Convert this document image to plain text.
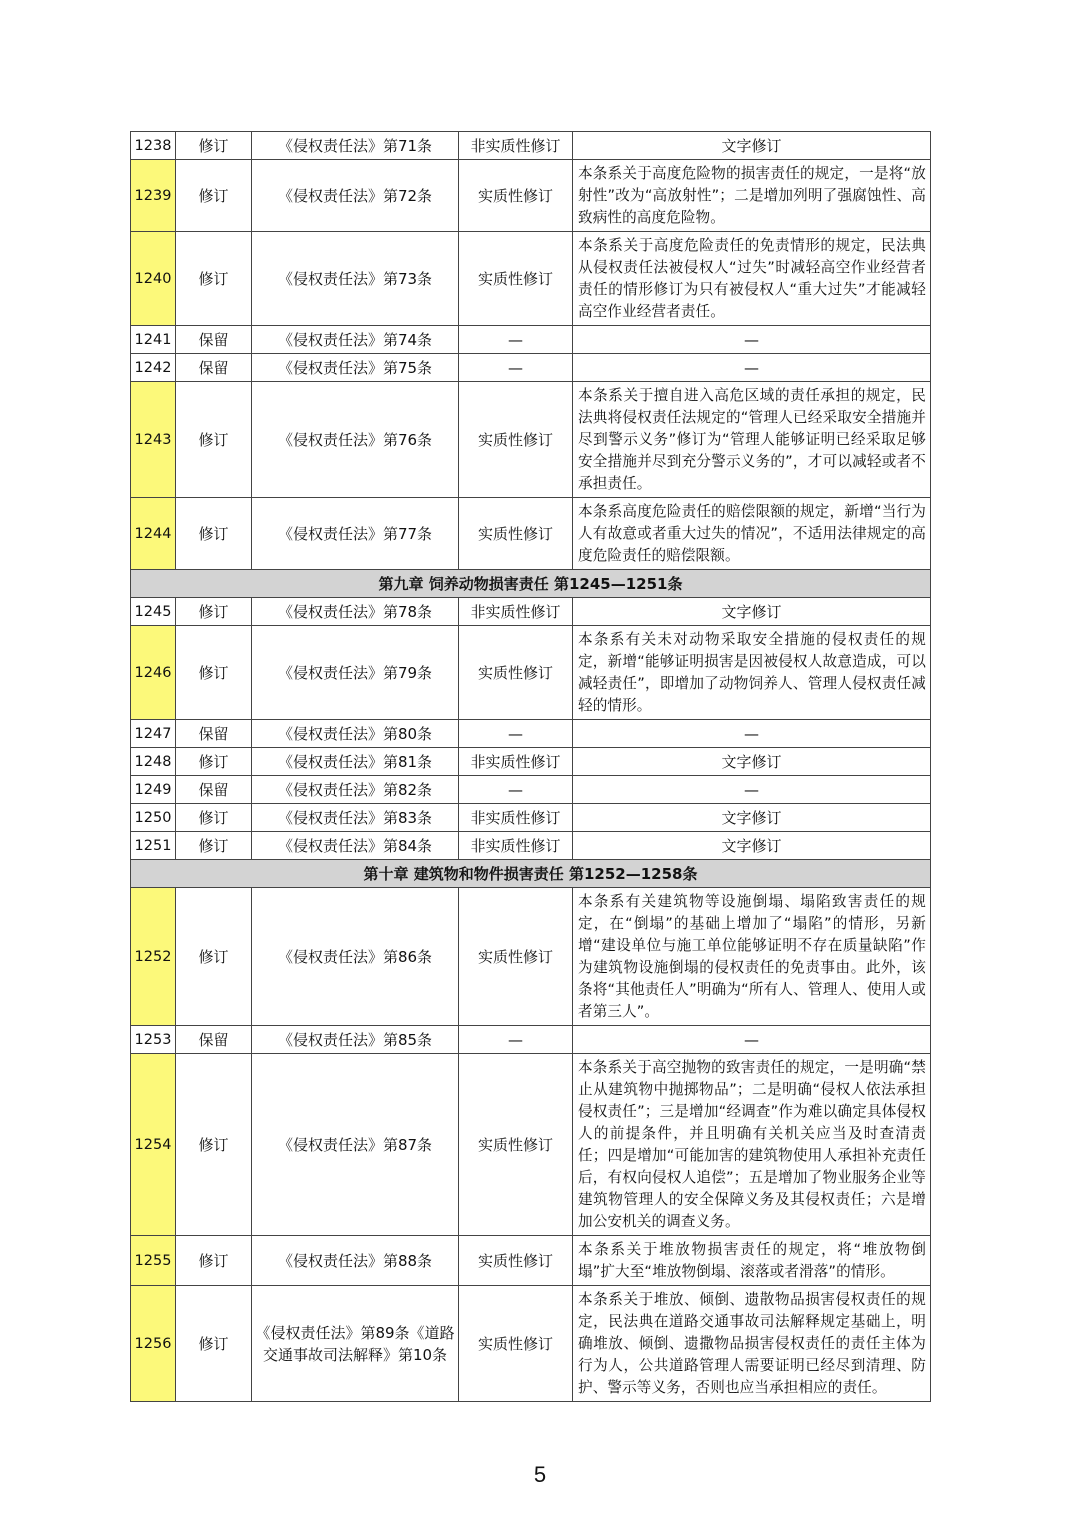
1238	修订	《侵权责任法》第71条	非实质性修订	文字修订
1239	修订	《侵权责任法》第72条	实质性修订	本条系关于高度危险物的损害责任的规定，一是将“放射性”改为“高放射性”；二是增加列明了强腐蚀性、高致病性的高度危险物。
1240	修订	《侵权责任法》第73条	实质性修订	本条系关于高度危险责任的免责情形的规定，民法典从侵权责任法被侵权人“过失”时减轻高空作业经营者责任的情形修订为只有被侵权人“重大过失”才能减轻高空作业经营者责任。
1241	保留	《侵权责任法》第74条	—	—
1242	保留	《侵权责任法》第75条	—	—
1243	修订	《侵权责任法》第76条	实质性修订	本条系关于擅自进入高危区域的责任承担的规定，民法典将侵权责任法规定的“管理人已经采取安全措施并尽到警示义务”修订为“管理人能够证明已经采取足够安全措施并尽到充分警示义务的”，才可以减轻或者不承担责任。
1244	修订	《侵权责任法》第77条	实质性修订	本条系高度危险责任的赔偿限额的规定，新增“当行为人有故意或者重大过失的情况”，不适用法律规定的高度危险责任的赔偿限额。
第九章 饲养动物损害责任 第1245—1251条				
1245	修订	《侵权责任法》第78条	非实质性修订	文字修订
1246	修订	《侵权责任法》第79条	实质性修订	本条系有关未对动物采取安全措施的侵权责任的规定，新增“能够证明损害是因被侵权人故意造成，可以减轻责任”，即增加了动物饲养人、管理人侵权责任减轻的情形。
1247	保留	《侵权责任法》第80条	—	—
1248	修订	《侵权责任法》第81条	非实质性修订	文字修订
1249	保留	《侵权责任法》第82条	—	—
1250	修订	《侵权责任法》第83条	非实质性修订	文字修订
1251	修订	《侵权责任法》第84条	非实质性修订	文字修订
第十章 建筑物和物件损害责任 第1252—1258条				
1252	修订	《侵权责任法》第86条	实质性修订	本条系有关建筑物等设施倒塌、塌陷致害责任的规定，在“倒塌”的基础上增加了“塌陷”的情形，另新增“建设单位与施工单位能够证明不存在质量缺陷”作为建筑物设施倒塌的侵权责任的免责事由。此外，该条将“其他责任人”明确为“所有人、管理人、使用人或者第三人”。
1253	保留	《侵权责任法》第85条	—	—
1254	修订	《侵权责任法》第87条	实质性修订	本条系关于高空抛物的致害责任的规定，一是明确“禁止从建筑物中抛掷物品”；二是明确“侵权人依法承担侵权责任”；三是增加“经调查”作为难以确定具体侵权人的前提条件，并且明确有关机关应当及时查清责任；四是增加“可能加害的建筑物使用人承担补充责任后，有权向侵权人追偿”；五是增加了物业服务企业等建筑物管理人的安全保障义务及其侵权责任；六是增加公安机关的调查义务。
1255	修订	《侵权责任法》第88条	实质性修订	本条系关于堆放物损害责任的规定，将“堆放物倒塌”扩大至“堆放物倒塌、滚落或者滑落”的情形。
1256	修订	《侵权责任法》第89条《道路交通事故司法解释》第10条	实质性修订	本条系关于堆放、倾倒、遗散物品损害侵权责任的规定，民法典在道路交通事故司法解释规定基础上，明确堆放、倾倒、遗撒物品损害侵权责任的责任主体为行为人，公共道路管理人需要证明已经尽到清理、防护、警示等义务，否则也应当承担相应的责任。
5
